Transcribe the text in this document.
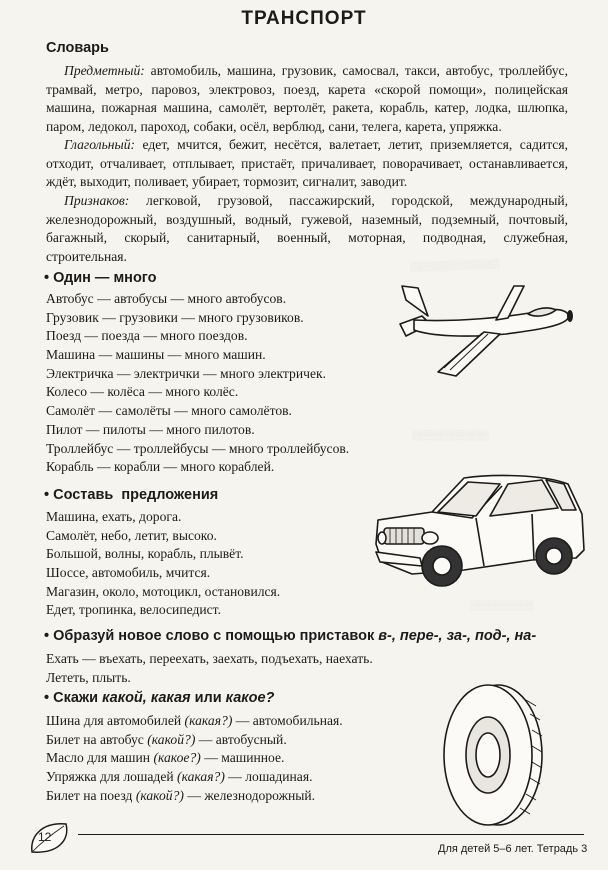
░░░░░░░░░░░░░░
░░░░░░░░░░░░
░░░░░░░░░░
ТРАНСПОРТ
Словарь
Предметный: автомобиль, машина, грузовик, самосвал, такси, автобус, троллейбус, трамвай, метро, паровоз, электровоз, поезд, карета «скорой помощи», полицейская машина, пожарная машина, самолёт, вертолёт, ракета, корабль, катер, лодка, шлюпка, паром, ледокол, пароход, собаки, осёл, верблюд, сани, телега, карета, упряжка.
Глагольный: едет, мчится, бежит, несётся, валетает, летит, приземляется, садится, отходит, отчаливает, отплывает, пристаёт, причаливает, поворачивает, останавливается, ждёт, выходит, поливает, убирает, тормозит, сигналит, заводит.
Признаков: легковой, грузовой, пассажирский, городской, международный, железнодорожный, воздушный, водный, гужевой, наземный, подземный, почтовый, багажный, скорый, санитарный, военный, моторная, подводная, служебная, строительная.
• Один — много
Автобус — автобусы — много автобусов.
Грузовик — грузовики — много грузовиков.
Поезд — поезда — много поездов.
Машина — машины — много машин.
Электричка — электрички — много электричек.
Колесо — колёса — много колёс.
Самолёт — самолёты — много самолётов.
Пилот — пилоты — много пилотов.
Троллейбус — троллейбусы — много троллейбусов.
Корабль — корабли — много кораблей.
• Составь  предложения
Машина, ехать, дорога.
Самолёт, небо, летит, высоко.
Большой, волны, корабль, плывёт.
Шоссе, автомобиль, мчится.
Магазин, около, мотоцикл, остановился.
Едет, тропинка, велосипедист.
• Образуй новое слово с помощью приставок в-, пере-, за-, под-, на-
Ехать — въехать, переехать, заехать, подъехать, наехать.
Лететь, плыть.
• Скажи какой, какая или какое?
Шина для автомобилей (какая?) — автомобильная.
Билет на автобус (какой?) — автобусный.
Масло для машин (какое?) — машинное.
Упряжка для лошадей (какая?) — лошадиная.
Билет на поезд (какой?) — железнодорожный.
12
Для детей 5–6 лет. Тетрадь 3
